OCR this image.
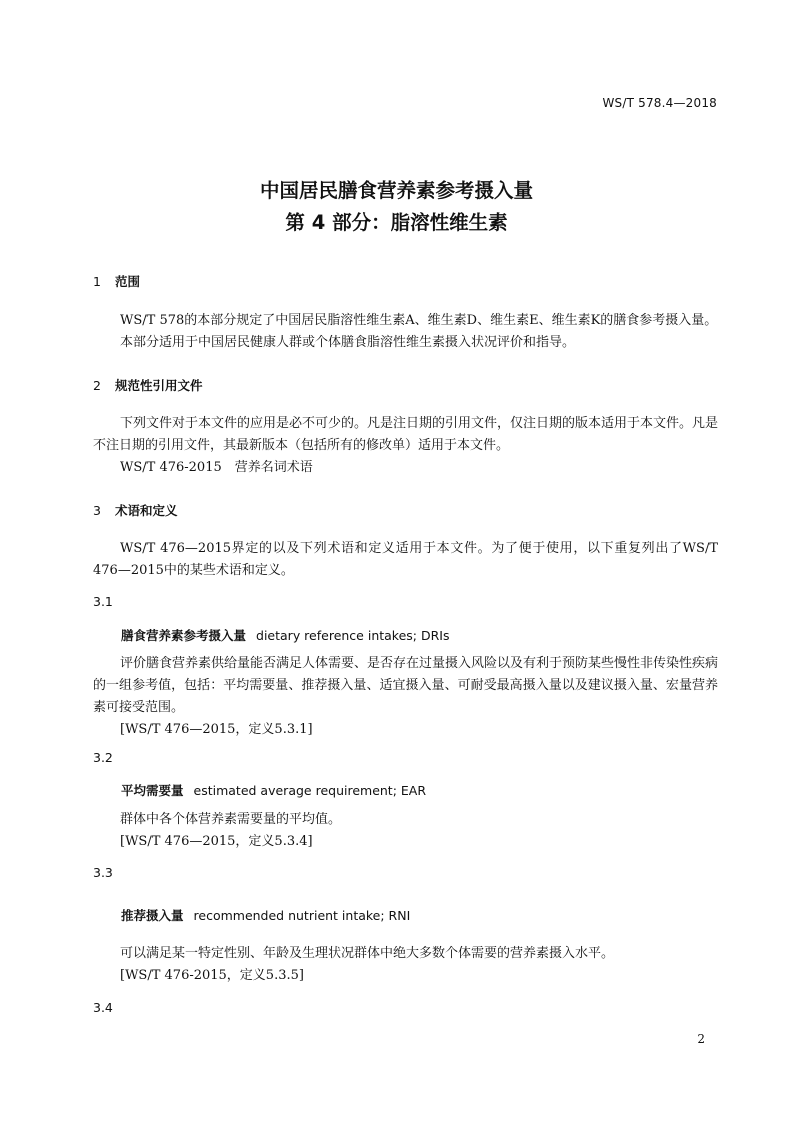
WS/T 578.4—2018
中国居民膳食营养素参考摄入量
第 4 部分：脂溶性维生素
1 范围

WS/T 578的本部分规定了中国居民脂溶性维生素A、维生素D、维生素E、维生素K的膳食参考摄入量。

本部分适用于中国居民健康人群或个体膳食脂溶性维生素摄入状况评价和指导。

2 规范性引用文件

下列文件对于本文件的应用是必不可少的。凡是注日期的引用文件，仅注日期的版本适用于本文件。凡是不注日期的引用文件，其最新版本（包括所有的修改单）适用于本文件。

WS/T 476-2015　营养名词术语

3 术语和定义

WS/T 476—2015界定的以及下列术语和定义适用于本文件。为了便于使用，以下重复列出了WS/T 476—2015中的某些术语和定义。

3.1
膳食营养素参考摄入量 dietary reference intakes; DRIs

评价膳食营养素供给量能否满足人体需要、是否存在过量摄入风险以及有利于预防某些慢性非传染性疾病的一组参考值，包括：平均需要量、推荐摄入量、适宜摄入量、可耐受最高摄入量以及建议摄入量、宏量营养素可接受范围。

[WS/T 476—2015，定义5.3.1]

3.2
平均需要量 estimated average requirement; EAR

群体中各个体营养素需要量的平均值。

[WS/T 476—2015，定义5.3.4]

3.3
推荐摄入量 recommended nutrient intake; RNI

可以满足某一特定性别、年龄及生理状况群体中绝大多数个体需要的营养素摄入水平。

[WS/T 476-2015，定义5.3.5]

3.4
2
